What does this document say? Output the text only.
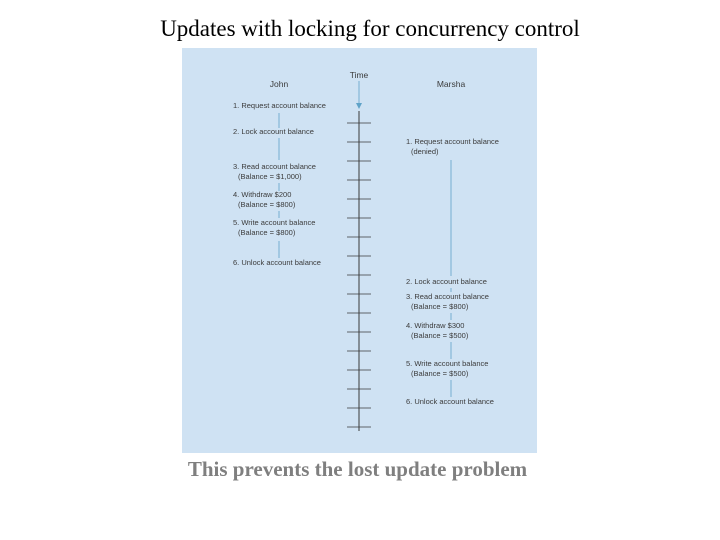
Updates with locking for concurrency control
John
Time
Marsha
1. Request account balance
2. Lock account balance
3. Read account balance
(Balance = $1,000)
4. Withdraw $200
(Balance = $800)
5. Write account balance
(Balance = $800)
6. Unlock account balance
1. Request account balance
(denied)
2. Lock account balance
3. Read account balance
(Balance = $800)
4. Withdraw $300
(Balance = $500)
5. Write account balance
(Balance = $500)
6. Unlock account balance
This prevents the lost update problem
